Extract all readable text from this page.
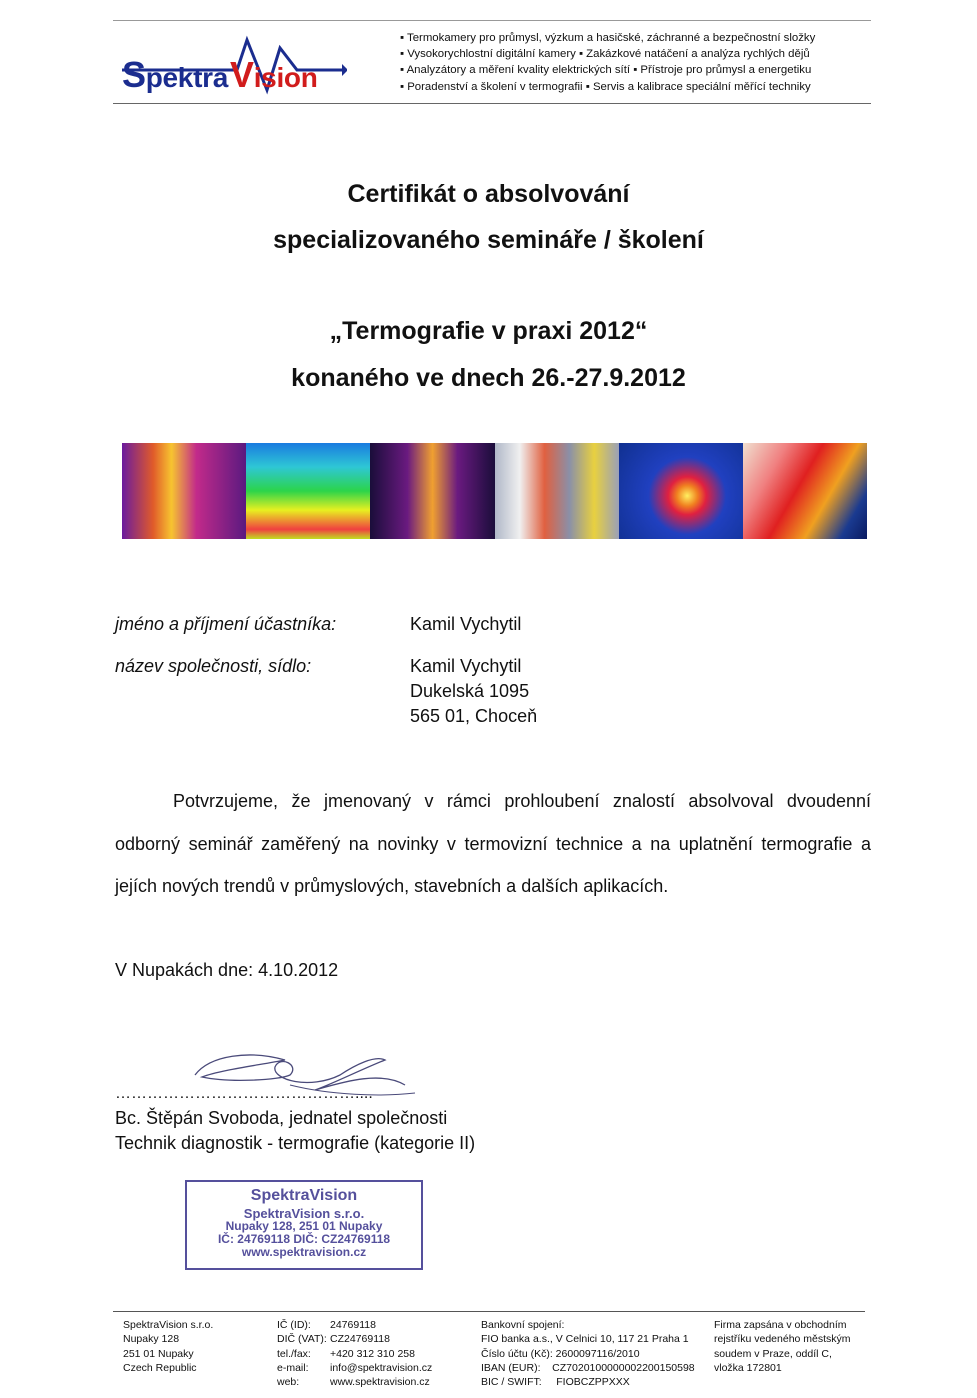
SpektraVision
▪ Termokamery pro průmysl, výzkum a hasičské, záchranné a bezpečnostní složky
▪ Vysokorychlostní digitální kamery ▪ Zakázkové natáčení a analýza rychlých dějů
▪ Analyzátory a měření kvality elektrických sítí ▪ Přístroje pro průmysl a energetiku
▪ Poradenství a školení v termografii ▪ Servis a kalibrace speciální měřící techniky
Certifikát o absolvování
specializovaného semináře / školení
„Termografie v praxi 2012“
konaného ve dnech 26.-27.9.2012
jméno a příjmení účastníka:	Kamil Vychytil
název společnosti, sídlo:	Kamil Vychytil
Dukelská 1095
565 01, Choceň
Potvrzujeme, že jmenovaný v rámci prohloubení znalostí absolvoval dvoudenní odborný seminář zaměřený na novinky v termovizní technice a na uplatnění termografie a jejích nových trendů v průmyslových, stavebních a dalších aplikacích.
V Nupakách dne: 4.10.2012
………………………………………....
Bc. Štěpán Svoboda, jednatel společnosti
Technik diagnostik - termografie (kategorie II)
SpektraVision
SpektraVision s.r.o.
Nupaky 128, 251 01 Nupaky
IČ: 24769118 DIČ: CZ24769118
www.spektravision.cz
SpektraVision s.r.o.
Nupaky 128
251 01 Nupaky
Czech Republic
IČ (ID): 24769118
DIČ (VAT): CZ24769118
tel./fax: +420 312 310 258
e-mail: info@spektravision.cz
web:	www.spektravision.cz
Bankovní spojení:
FIO banka a.s., V Celnici 10, 117 21 Praha 1
Číslo účtu (Kč): 2600097116/2010
IBAN (EUR):    CZ7020100000002200150598
BIC / SWIFT:     FIOBCZPPXXX
Firma zapsána v obchodním
rejstříku vedeného městským
soudem v Praze, oddíl C,
vložka 172801
